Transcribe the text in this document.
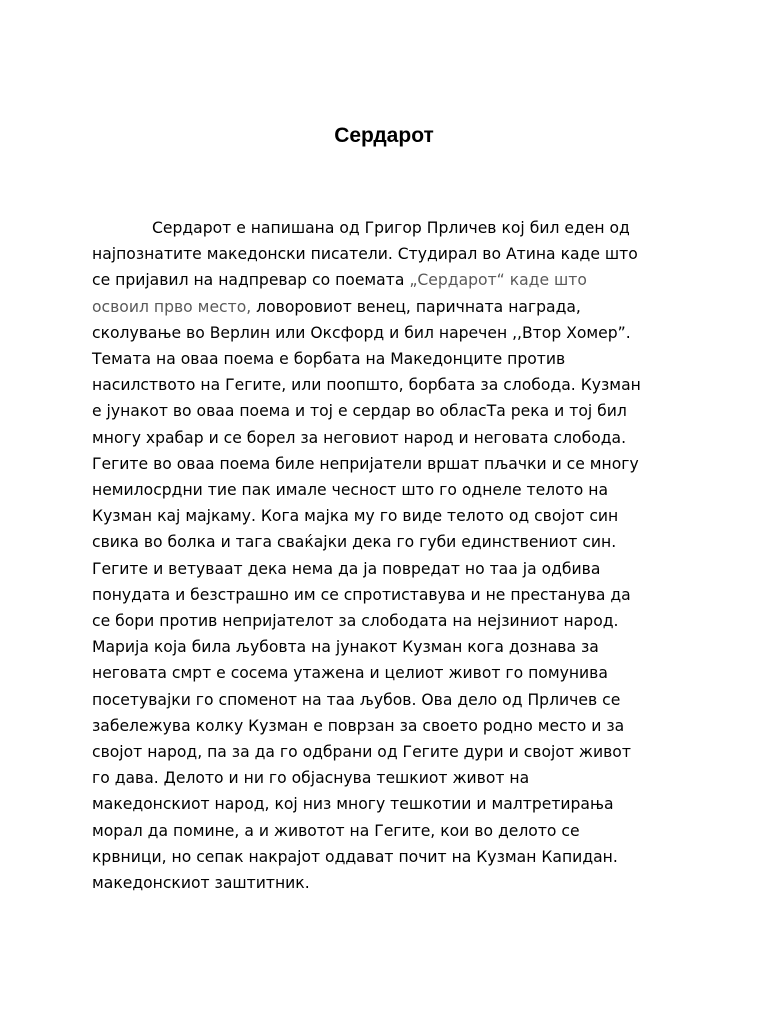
Сердарот
Сердарот е напишана од Григор Прличев кој бил еден од
најпознатите македонски писатели. Студирал во Атина каде што
се пријавил на надпревар со поемата „Сердарот“ каде што
освоил прво место, ловоровиот венец, паричната награда,
сколување во Верлин или Оксфорд и бил наречен ,,Втор Хомер”.
Темата на оваа поема е борбата на Македонците против
насилството на Гегите, или поопшто, борбата за слобода. Кузман
е јунакот во оваа поема и тој е сердар во обласТа река и тој бил
многу храбар и се борел за неговиот народ и неговата слобода.
Гегите во оваа поема биле непријатели вршат пљачки и се многу
немилосрдни тие пак имале чесност што го однеле телото на
Кузман кај мајкаму. Кога мајка му го виде телото од својот син
свика во болка и тага сваќајки дека го губи единствениот син.
Гегите и ветуваат дека нема да ја повредат но таа ја одбива
понудата и безстрашно им се спротиставува и не престанува да
се бори против непријателот за слободата на нејзиниот народ.
Марија која била љубовта на јунакот Кузман кога дознава за
неговата смрт е сосема утажена и целиот живот го помунива
посетувајки го споменот на таа љубов. Ова дело од Прличев се
забележува колку Кузман е поврзан за своето родно место и за
својот народ, па за да го одбрани од Гегите дури и својот живот
го дава. Делото и ни го објаснува тешкиот живот на
македонскиот народ, кој низ многу тешкотии и малтретирања
морал да помине, а и животот на Гегите, кои во делото се
крвници, но сепак накрајот оддават почит на Кузман Капидан.
македонскиот заштитник.
